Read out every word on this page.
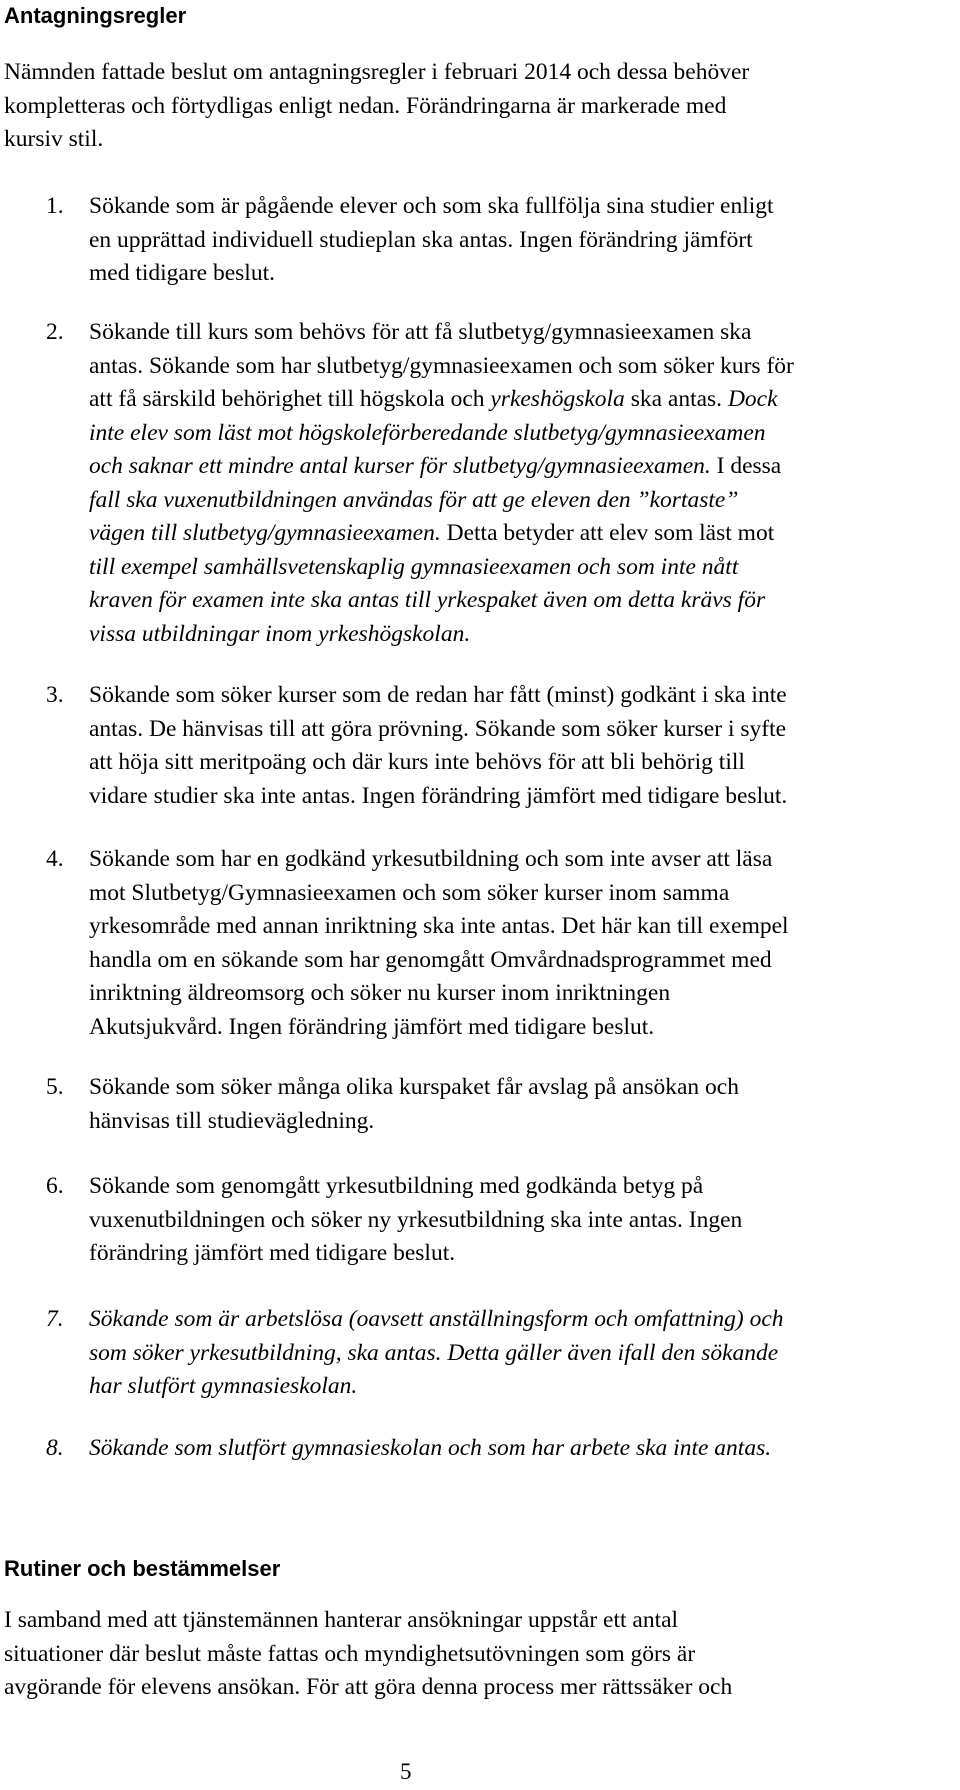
Antagningsregler
Nämnden fattade beslut om antagningsregler i februari 2014 och dessa behöver
kompletteras och förtydligas enligt nedan. Förändringarna är markerade med
kursiv stil.
1. Sökande som är pågående elever och som ska fullfölja sina studier enligt
en upprättad individuell studieplan ska antas. Ingen förändring jämfört
med tidigare beslut.
2. Sökande till kurs som behövs för att få slutbetyg/gymnasieexamen ska
antas. Sökande som har slutbetyg/gymnasieexamen och som söker kurs för
att få särskild behörighet till högskola och yrkeshögskola ska antas. Dock
inte elev som läst mot högskoleförberedande slutbetyg/gymnasieexamen
och saknar ett mindre antal kurser för slutbetyg/gymnasieexamen. I dessa
fall ska vuxenutbildningen användas för att ge eleven den ”kortaste”
vägen till slutbetyg/gymnasieexamen. Detta betyder att elev som läst mot
till exempel samhällsvetenskaplig gymnasieexamen och som inte nått
kraven för examen inte ska antas till yrkespaket även om detta krävs för
vissa utbildningar inom yrkeshögskolan.
3. Sökande som söker kurser som de redan har fått (minst) godkänt i ska inte
antas. De hänvisas till att göra prövning. Sökande som söker kurser i syfte
att höja sitt meritpoäng och där kurs inte behövs för att bli behörig till
vidare studier ska inte antas. Ingen förändring jämfört med tidigare beslut.
4. Sökande som har en godkänd yrkesutbildning och som inte avser att läsa
mot Slutbetyg/Gymnasieexamen och som söker kurser inom samma
yrkesområde med annan inriktning ska inte antas. Det här kan till exempel
handla om en sökande som har genomgått Omvårdnadsprogrammet med
inriktning äldreomsorg och söker nu kurser inom inriktningen
Akutsjukvård. Ingen förändring jämfört med tidigare beslut.
5. Sökande som söker många olika kurspaket får avslag på ansökan och
hänvisas till studievägledning.
6. Sökande som genomgått yrkesutbildning med godkända betyg på
vuxenutbildningen och söker ny yrkesutbildning ska inte antas. Ingen
förändring jämfört med tidigare beslut.
7. Sökande som är arbetslösa (oavsett anställningsform och omfattning) och
som söker yrkesutbildning, ska antas. Detta gäller även ifall den sökande
har slutfört gymnasieskolan.
8. Sökande som slutfört gymnasieskolan och som har arbete ska inte antas.
Rutiner och bestämmelser
I samband med att tjänstemännen hanterar ansökningar uppstår ett antal
situationer där beslut måste fattas och myndighetsutövningen som görs är
avgörande för elevens ansökan. För att göra denna process mer rättssäker och
5
